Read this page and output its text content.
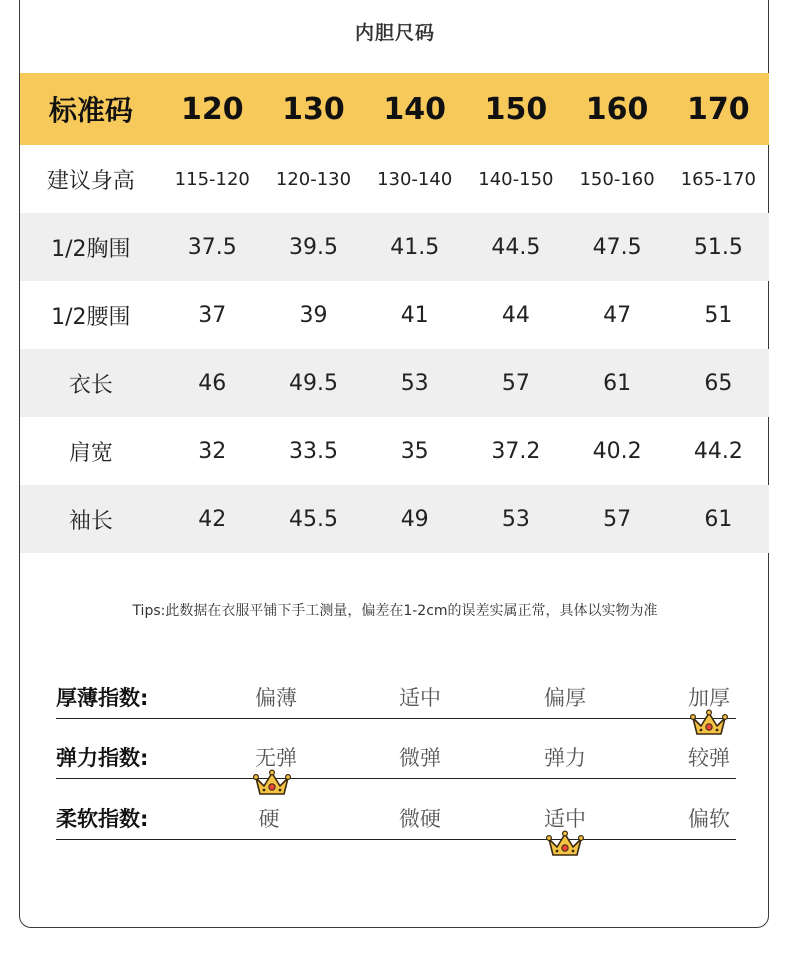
内胆尺码
标准码	120	130	140	150	160	170
建议身高	115-120	120-130	130-140	140-150	150-160	165-170
1/2胸围	37.5	39.5	41.5	44.5	47.5	51.5
1/2腰围	37	39	41	44	47	51
衣长	46	49.5	53	57	61	65
肩宽	32	33.5	35	37.2	40.2	44.2
袖长	42	45.5	49	53	57	61
Tips:此数据在衣服平铺下手工测量，偏差在1-2cm的误差实属正常，具体以实物为准
厚薄指数:	偏薄	适中	偏厚	加厚
弹力指数:	无弹	微弹	弹力	较弹
柔软指数:	硬	微硬	适中	偏软
